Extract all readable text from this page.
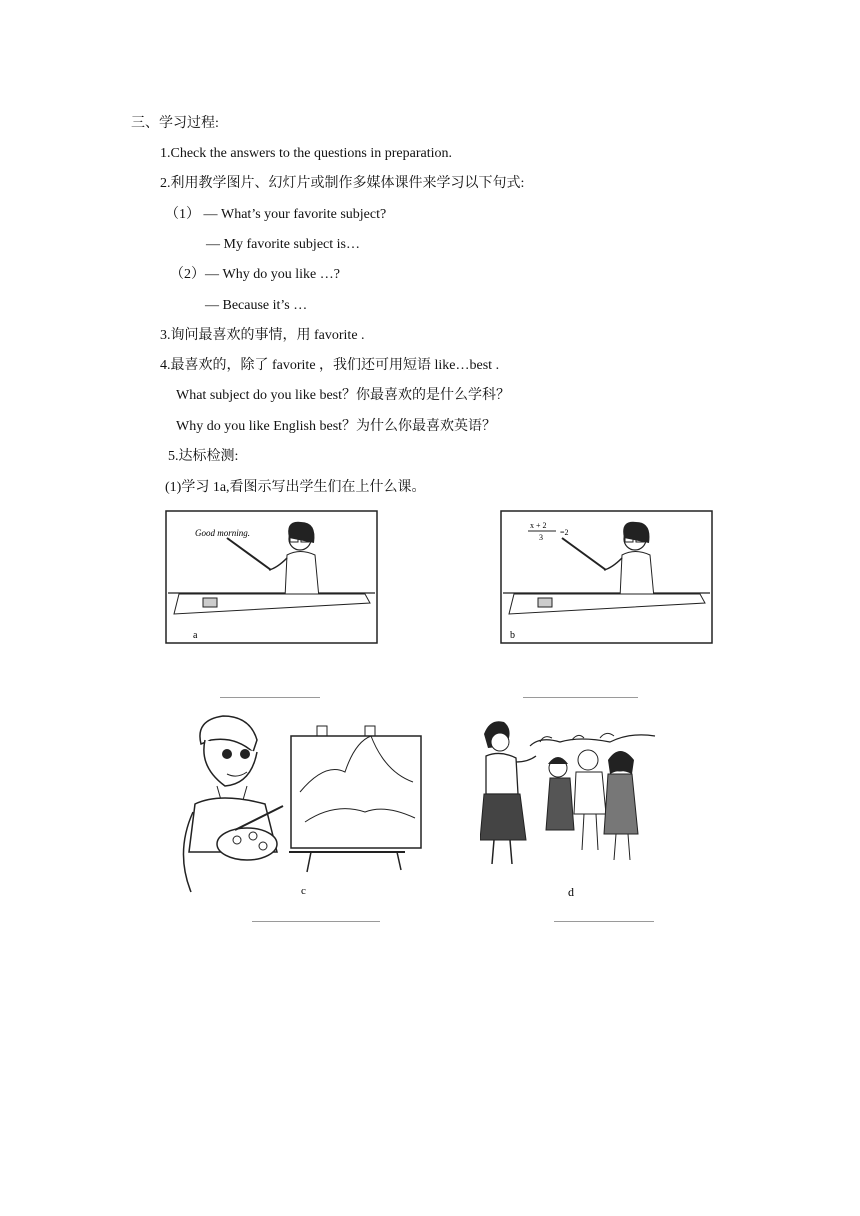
三、学习过程:
1.Check the answers to the questions in preparation.
2.利用教学图片、幻灯片或制作多媒体课件来学习以下句式:
（1） — What’s your favorite subject?
— My favorite subject is…
（2）— Why do you like …?
— Because it’s …
3.询问最喜欢的事情，用 favorite .
4.最喜欢的，除了 favorite ，我们还可用短语 like…best .
What subject do you like best？你最喜欢的是什么学科？
Why do you like English best？为什么你最喜欢英语？
5.达标检测:
(1)学习 1a,看图示写出学生们在上什么课。
Good morning.
a
x + 2
3
=2
b
c	d
